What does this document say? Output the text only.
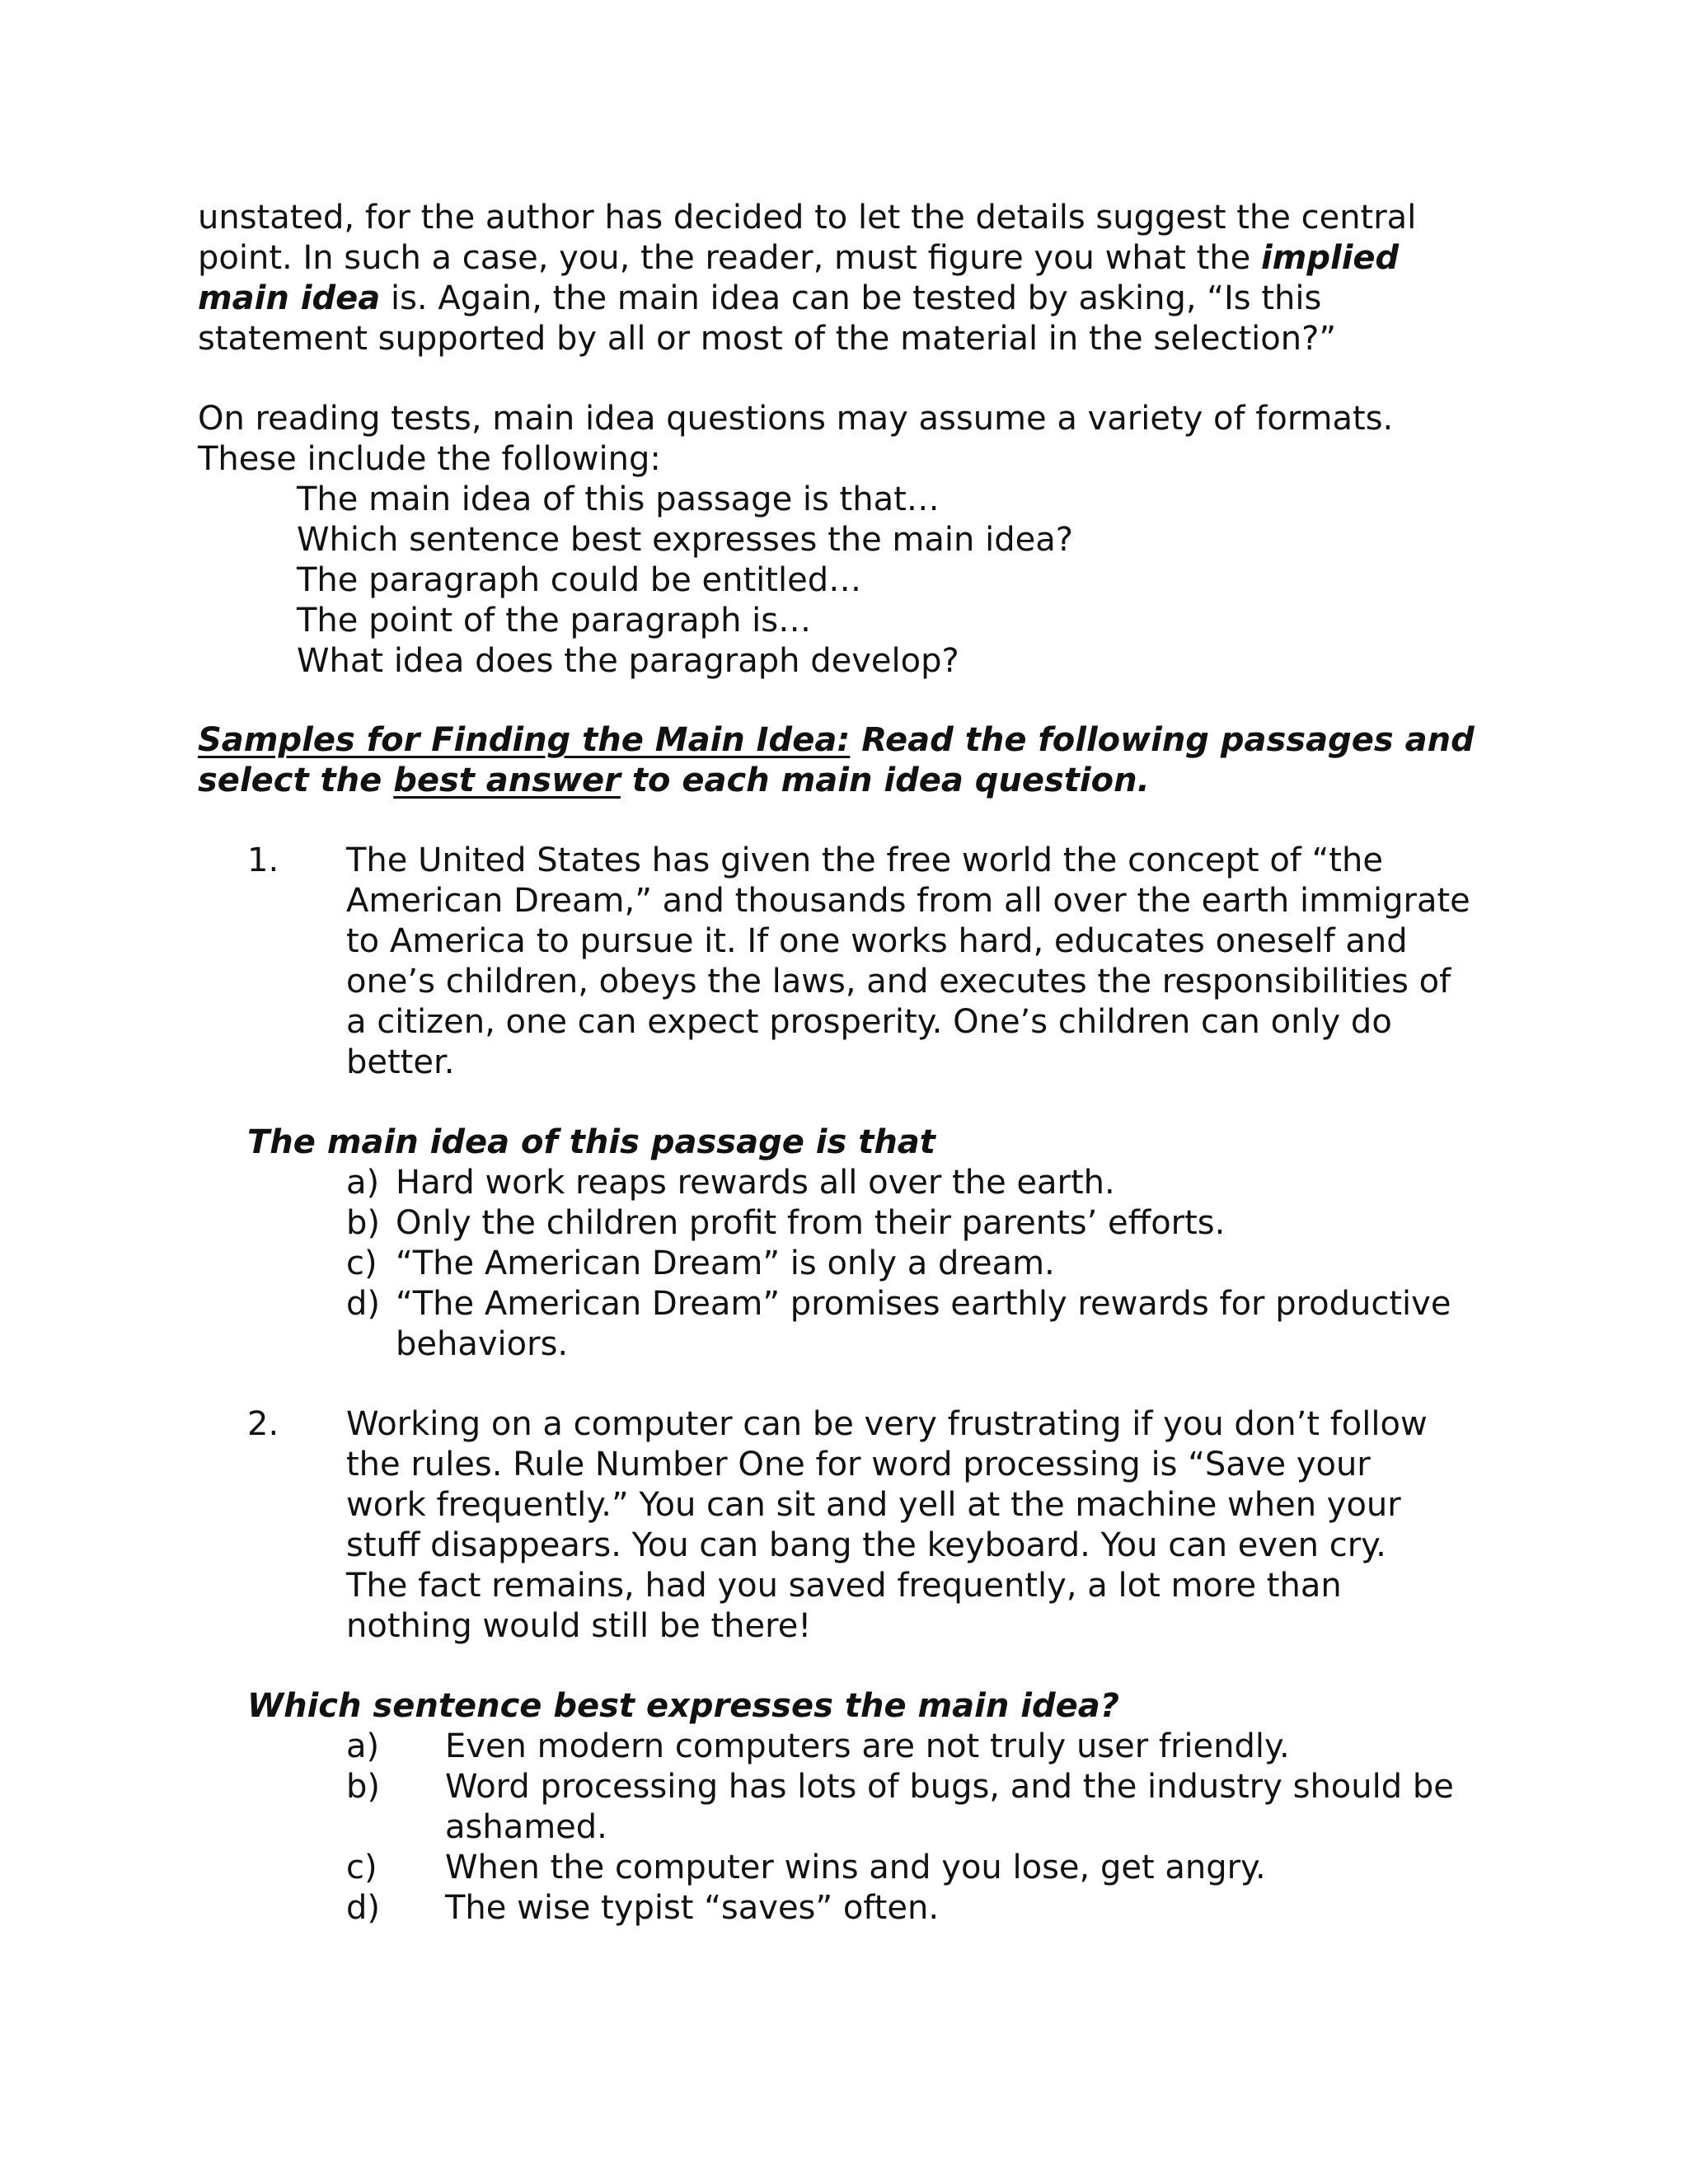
unstated, for the author has decided to let the details suggest the central
point. In such a case, you, the reader, must figure you what the implied
main idea is. Again, the main idea can be tested by asking, “Is this
statement supported by all or most of the material in the selection?”
On reading tests, main idea questions may assume a variety of formats.
These include the following:
The main idea of this passage is that…
Which sentence best expresses the main idea?
The paragraph could be entitled…
The point of the paragraph is…
What idea does the paragraph develop?
Samples for Finding the Main Idea: Read the following passages and
select the best answer to each main idea question.
1. The United States has given the free world the concept of “the
American Dream,” and thousands from all over the earth immigrate
to America to pursue it. If one works hard, educates oneself and
one’s children, obeys the laws, and executes the responsibilities of
a citizen, one can expect prosperity. One’s children can only do
better.
The main idea of this passage is that
a) Hard work reaps rewards all over the earth.
b) Only the children profit from their parents’ efforts.
c) “The American Dream” is only a dream.
d) “The American Dream” promises earthly rewards for productive
behaviors.
2. Working on a computer can be very frustrating if you don’t follow
the rules. Rule Number One for word processing is “Save your
work frequently.” You can sit and yell at the machine when your
stuff disappears. You can bang the keyboard. You can even cry.
The fact remains, had you saved frequently, a lot more than
nothing would still be there!
Which sentence best expresses the main idea?
a) Even modern computers are not truly user friendly.
b) Word processing has lots of bugs, and the industry should be
ashamed.
c) When the computer wins and you lose, get angry.
d) The wise typist “saves” often.
